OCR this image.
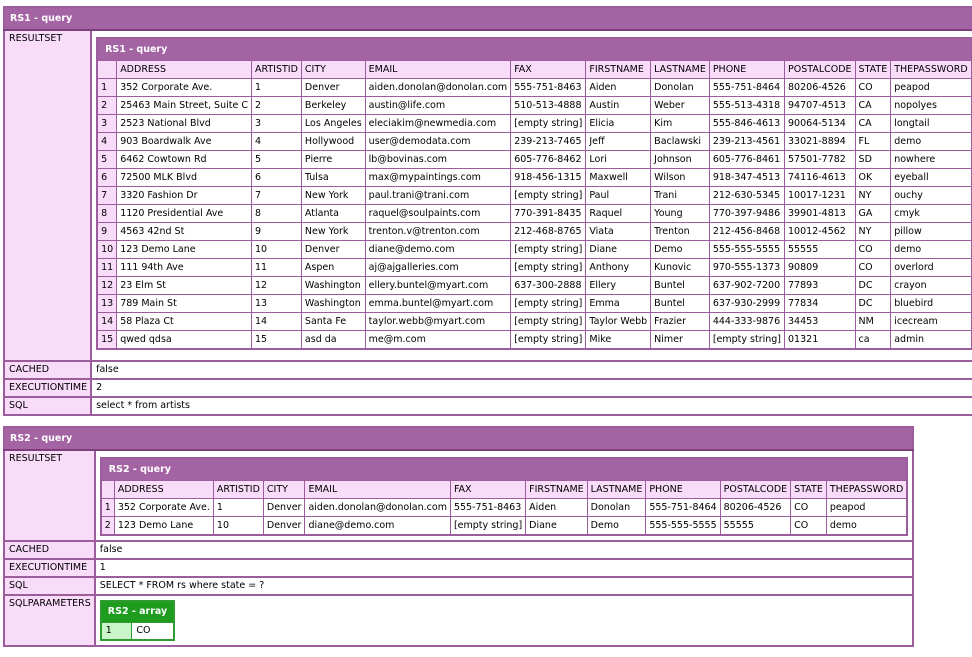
RS1 - query
RESULTSET	
RS1 - query
	ADDRESS	ARTISTID	CITY	EMAIL	FAX	FIRSTNAME	LASTNAME	PHONE	POSTALCODE	STATE	THEPASSWORD
1	352 Corporate Ave.	1	Denver	aiden.donolan@donolan.com	555-751-8463	Aiden	Donolan	555-751-8464	80206-4526	CO	peapod
2	25463 Main Street, Suite C	2	Berkeley	austin@life.com	510-513-4888	Austin	Weber	555-513-4318	94707-4513	CA	nopolyes
3	2523 National Blvd	3	Los Angeles	eleciakim@newmedia.com	[empty string]	Elicia	Kim	555-846-4613	90064-5134	CA	longtail
4	903 Boardwalk Ave	4	Hollywood	user@demodata.com	239-213-7465	Jeff	Baclawski	239-213-4561	33021-8894	FL	demo
5	6462 Cowtown Rd	5	Pierre	lb@bovinas.com	605-776-8462	Lori	Johnson	605-776-8461	57501-7782	SD	nowhere
6	72500 MLK Blvd	6	Tulsa	max@mypaintings.com	918-456-1315	Maxwell	Wilson	918-347-4513	74116-4613	OK	eyeball
7	3320 Fashion Dr	7	New York	paul.trani@trani.com	[empty string]	Paul	Trani	212-630-5345	10017-1231	NY	ouchy
8	1120 Presidential Ave	8	Atlanta	raquel@soulpaints.com	770-391-8435	Raquel	Young	770-397-9486	39901-4813	GA	cmyk
9	4563 42nd St	9	New York	trenton.v@trenton.com	212-468-8765	Viata	Trenton	212-456-8468	10012-4562	NY	pillow
10	123 Demo Lane	10	Denver	diane@demo.com	[empty string]	Diane	Demo	555-555-5555	55555	CO	demo
11	111 94th Ave	11	Aspen	aj@ajgalleries.com	[empty string]	Anthony	Kunovic	970-555-1373	90809	CO	overlord
12	23 Elm St	12	Washington	ellery.buntel@myart.com	637-300-2888	Ellery	Buntel	637-902-7200	77893	DC	crayon
13	789 Main St	13	Washington	emma.buntel@myart.com	[empty string]	Emma	Buntel	637-930-2999	77834	DC	bluebird
14	58 Plaza Ct	14	Santa Fe	taylor.webb@myart.com	[empty string]	Taylor Webb	Frazier	444-333-9876	34453	NM	icecream
15	qwed qdsa	15	asd da	me@m.com	[empty string]	Mike	Nimer	[empty string]	01321	ca	admin

CACHED	false
EXECUTIONTIME	2
SQL	select * from artists
RS2 - query
RESULTSET	
RS2 - query
	ADDRESS	ARTISTID	CITY	EMAIL	FAX	FIRSTNAME	LASTNAME	PHONE	POSTALCODE	STATE	THEPASSWORD
1	352 Corporate Ave.	1	Denver	aiden.donolan@donolan.com	555-751-8463	Aiden	Donolan	555-751-8464	80206-4526	CO	peapod
2	123 Demo Lane	10	Denver	diane@demo.com	[empty string]	Diane	Demo	555-555-5555	55555	CO	demo

CACHED	false
EXECUTIONTIME	1
SQL	SELECT * FROM rs where state = ?
SQLPARAMETERS	
RS2 - array
1	CO
